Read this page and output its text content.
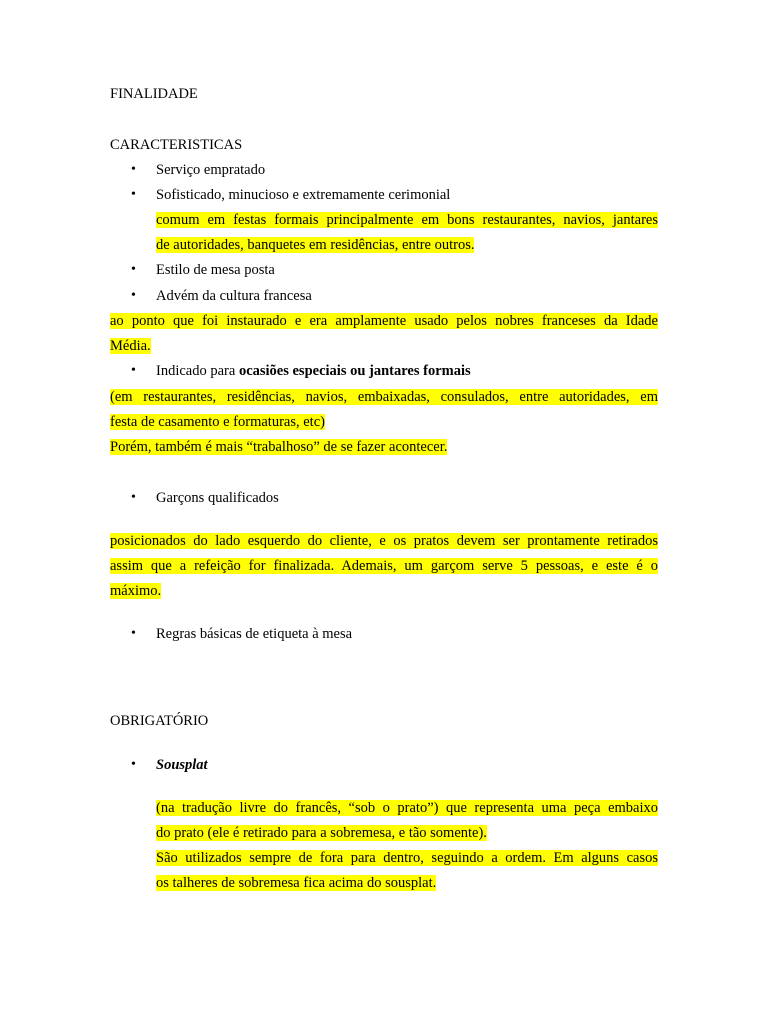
FINALIDADE
CARACTERISTICAS
•	Serviço empratado
•	Sofisticado, minucioso e extremamente cerimonial
comum em festas formais principalmente em bons restaurantes, navios, jantares
de autoridades, banquetes em residências, entre outros.
•	Estilo de mesa posta
•	Advém da cultura francesa
ao ponto que foi instaurado e era amplamente usado pelos nobres franceses da Idade
Média.
•	Indicado para ocasiões especiais ou jantares formais
(em restaurantes, residências, navios, embaixadas, consulados, entre autoridades, em
festa de casamento e formaturas, etc)
Porém, também é mais “trabalhoso” de se fazer acontecer.
•	Garçons qualificados
posicionados do lado esquerdo do cliente, e os pratos devem ser prontamente retirados
assim que a refeição for finalizada. Ademais, um garçom serve 5 pessoas, e este é o
máximo.
•	Regras básicas de etiqueta à mesa
OBRIGATÓRIO
•	Sousplat
(na tradução livre do francês, “sob o prato”) que representa uma peça embaixo
do prato (ele é retirado para a sobremesa, e tão somente).
São utilizados sempre de fora para dentro, seguindo a ordem. Em alguns casos
os talheres de sobremesa fica acima do sousplat.
